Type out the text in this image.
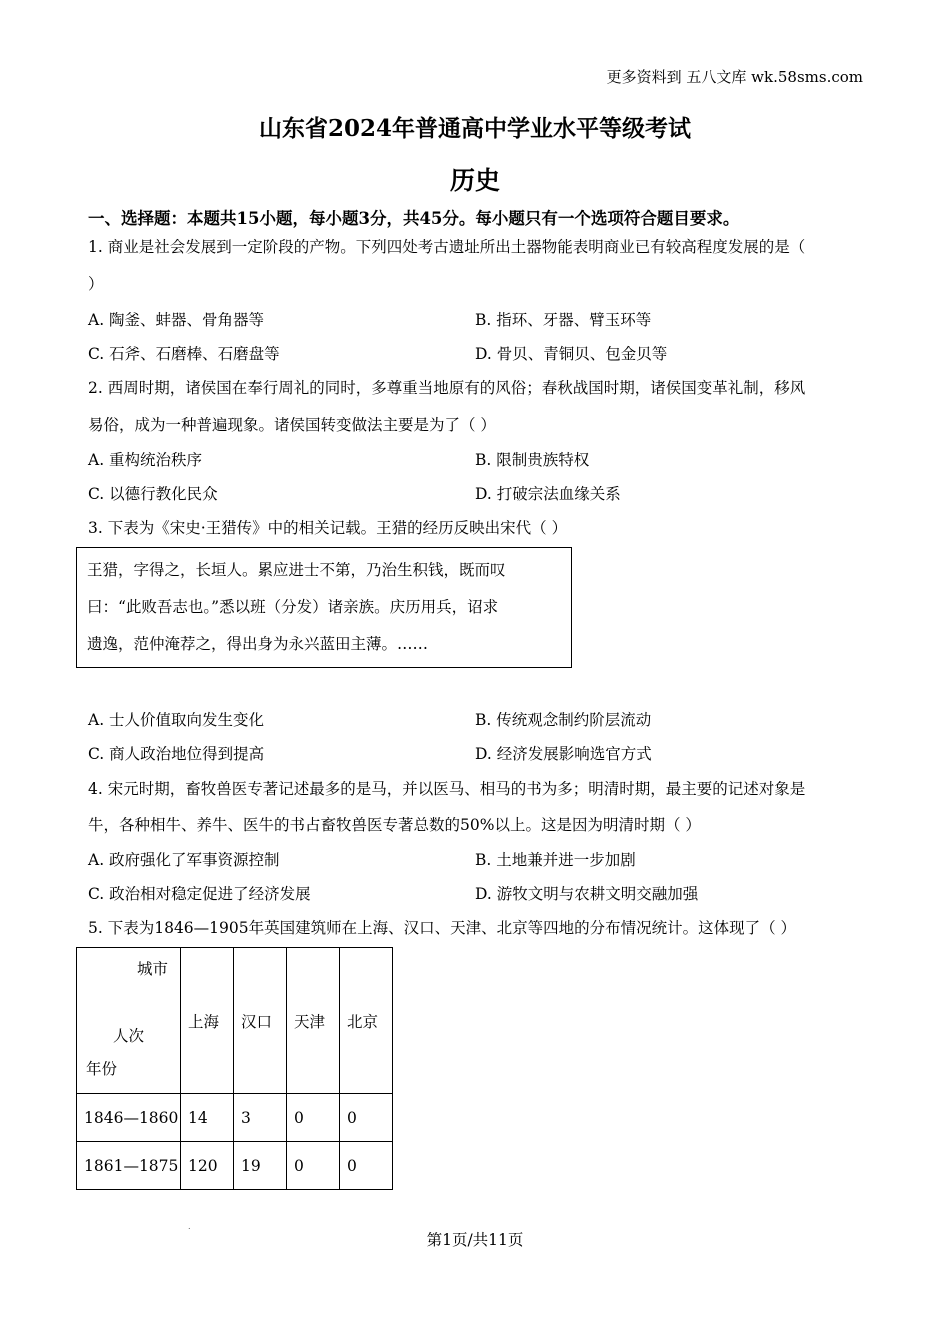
更多资料到 五八文库 wk.58sms.com
山东省2024年普通高中学业水平等级考试
历史
一、选择题：本题共15小题，每小题3分，共45分。每小题只有一个选项符合题目要求。
1. 商业是社会发展到一定阶段的产物。下列四处考古遗址所出土器物能表明商业已有较高程度发展的是（
）
A. 陶釜、蚌器、骨角器等	B. 指环、牙器、臂玉环等
C. 石斧、石磨棒、石磨盘等	D. 骨贝、青铜贝、包金贝等
2. 西周时期，诸侯国在奉行周礼的同时，多尊重当地原有的风俗；春秋战国时期，诸侯国变革礼制，移风
易俗，成为一种普遍现象。诸侯国转变做法主要是为了（ ）
A. 重构统治秩序	B. 限制贵族特权
C. 以德行教化民众	D. 打破宗法血缘关系
3. 下表为《宋史·王猎传》中的相关记载。王猎的经历反映出宋代（ ）
王猎，字得之，长垣人。累应进士不第，乃治生积钱，既而叹
曰：“此败吾志也。”悉以班（分发）诸亲族。庆历用兵，诏求
遗逸，范仲淹荐之，得出身为永兴蓝田主薄。……
A. 士人价值取向发生变化	B. 传统观念制约阶层流动
C. 商人政治地位得到提高	D. 经济发展影响选官方式
4. 宋元时期，畜牧兽医专著记述最多的是马，并以医马、相马的书为多；明清时期，最主要的记述对象是
牛，各种相牛、养牛、医牛的书占畜牧兽医专著总数的50%以上。这是因为明清时期（ ）
A. 政府强化了军事资源控制	B. 土地兼并进一步加剧
C. 政治相对稳定促进了经济发展	D. 游牧文明与农耕文明交融加强
5. 下表为1846—1905年英国建筑师在上海、汉口、天津、北京等四地的分布情况统计。这体现了（ ）
城市
人次
年份	上海	汉口	天津	北京
1846—1860	14	3	0	0
1861—1875	120	19	0	0
.
第1页/共11页
